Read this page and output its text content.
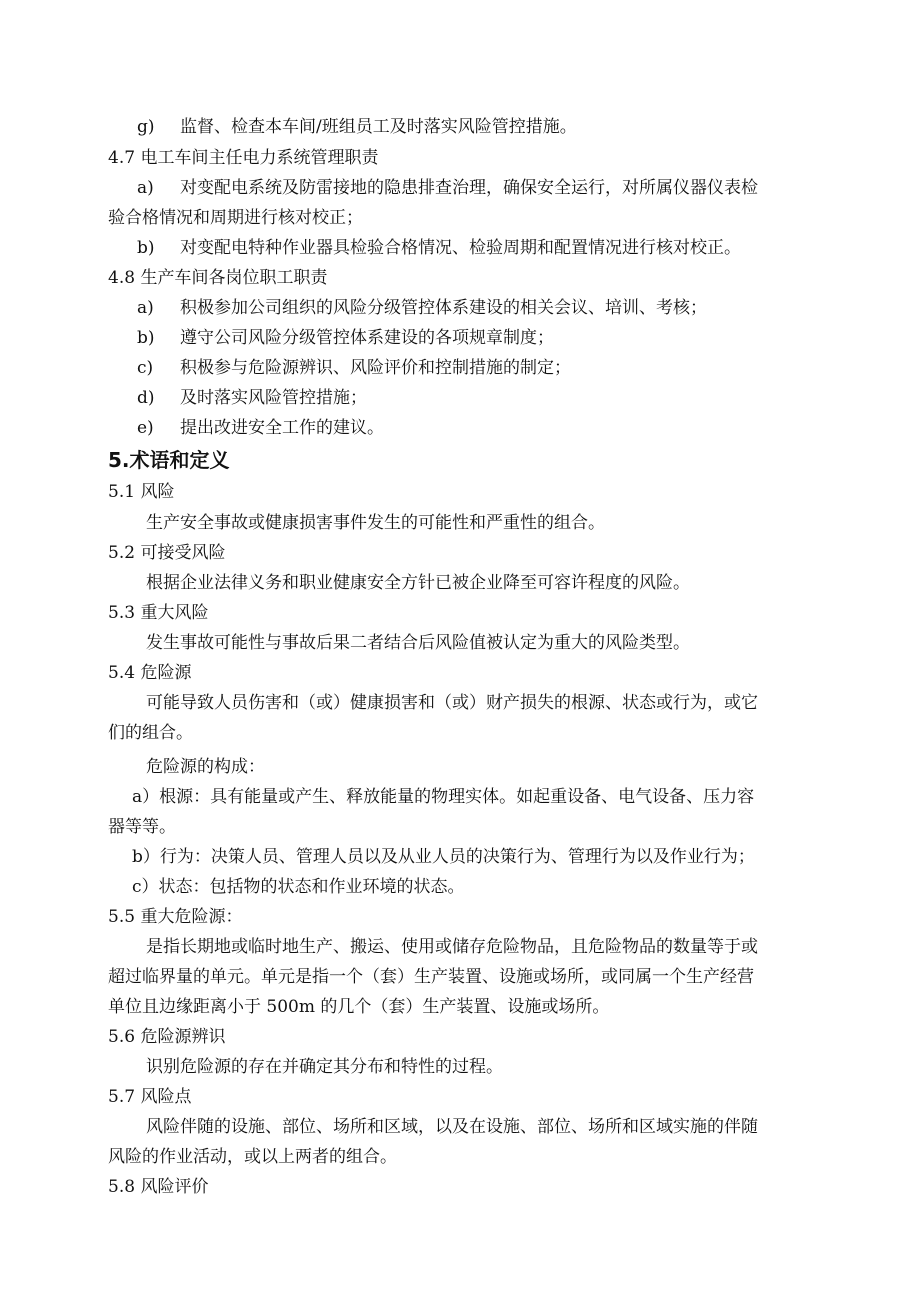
g) 监督、检查本车间/班组员工及时落实风险管控措施。

4.7 电工车间主任电力系统管理职责

a) 对变配电系统及防雷接地的隐患排查治理，确保安全运行，对所属仪器仪表检

验合格情况和周期进行核对校正；

b) 对变配电特种作业器具检验合格情况、检验周期和配置情况进行核对校正。

4.8 生产车间各岗位职工职责

a) 积极参加公司组织的风险分级管控体系建设的相关会议、培训、考核；

b) 遵守公司风险分级管控体系建设的各项规章制度；

c) 积极参与危险源辨识、风险评价和控制措施的制定；

d) 及时落实风险管控措施；

e) 提出改进安全工作的建议。

5.术语和定义

5.1 风险

生产安全事故或健康损害事件发生的可能性和严重性的组合。

5.2 可接受风险

根据企业法律义务和职业健康安全方针已被企业降至可容许程度的风险。

5.3 重大风险

发生事故可能性与事故后果二者结合后风险值被认定为重大的风险类型。

5.4 危险源

可能导致人员伤害和（或）健康损害和（或）财产损失的根源、状态或行为，或它

们的组合。

危险源的构成：

a）根源：具有能量或产生、释放能量的物理实体。如起重设备、电气设备、压力容

器等等。

b）行为：决策人员、管理人员以及从业人员的决策行为、管理行为以及作业行为；

c）状态：包括物的状态和作业环境的状态。

5.5 重大危险源：

是指长期地或临时地生产、搬运、使用或储存危险物品，且危险物品的数量等于或

超过临界量的单元。单元是指一个（套）生产装置、设施或场所，或同属一个生产经营

单位且边缘距离小于 500m 的几个（套）生产装置、设施或场所。

5.6 危险源辨识

识别危险源的存在并确定其分布和特性的过程。

5.7 风险点

风险伴随的设施、部位、场所和区域，以及在设施、部位、场所和区域实施的伴随

风险的作业活动，或以上两者的组合。

5.8 风险评价
